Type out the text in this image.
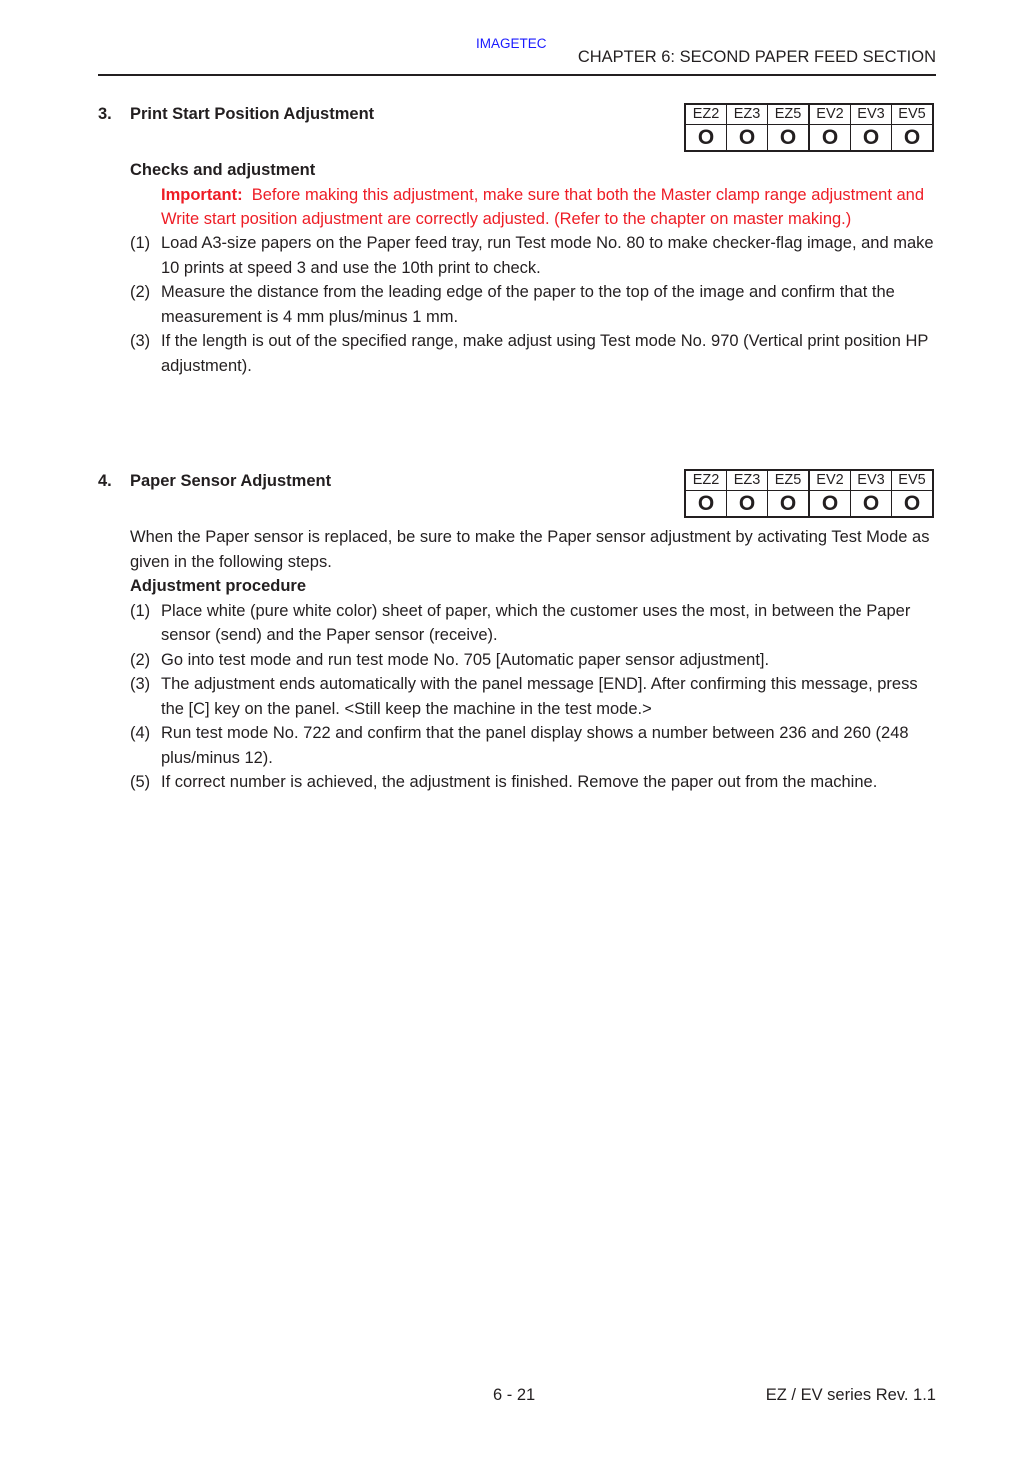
IMAGETEC
CHAPTER 6: SECOND PAPER FEED SECTION
3. Print Start Position Adjustment	EZ2	EZ3	EZ5	EV2	EV3	EV5
O	O	O	O	O	O
Checks and adjustment
Important: Before making this adjustment, make sure that both the Master clamp range adjustment and Write start position adjustment are correctly adjusted. (Refer to the chapter on master making.)
(1) Load A3-size papers on the Paper feed tray, run Test mode No. 80 to make checker-flag image, and make 10 prints at speed 3 and use the 10th print to check.
(2) Measure the distance from the leading edge of the paper to the top of the image and confirm that the measurement is 4 mm plus/minus 1 mm.
(3) If the length is out of the specified range, make adjust using Test mode No. 970 (Vertical print position HP adjustment).
4. Paper Sensor Adjustment	EZ2	EZ3	EZ5	EV2	EV3	EV5
O	O	O	O	O	O
When the Paper sensor is replaced, be sure to make the Paper sensor adjustment by activating Test Mode as given in the following steps.
Adjustment procedure
(1) Place white (pure white color) sheet of paper, which the customer uses the most, in between the Paper sensor (send) and the Paper sensor (receive).
(2) Go into test mode and run test mode No. 705 [Automatic paper sensor adjustment].
(3) The adjustment ends automatically with the panel message [END]. After confirming this message, press the [C] key on the panel. <Still keep the machine in the test mode.>
(4) Run test mode No. 722 and confirm that the panel display shows a number between 236 and 260 (248 plus/minus 12).
(5) If correct number is achieved, the adjustment is finished. Remove the paper out from the machine.
6 - 21	EZ / EV series Rev. 1.1
